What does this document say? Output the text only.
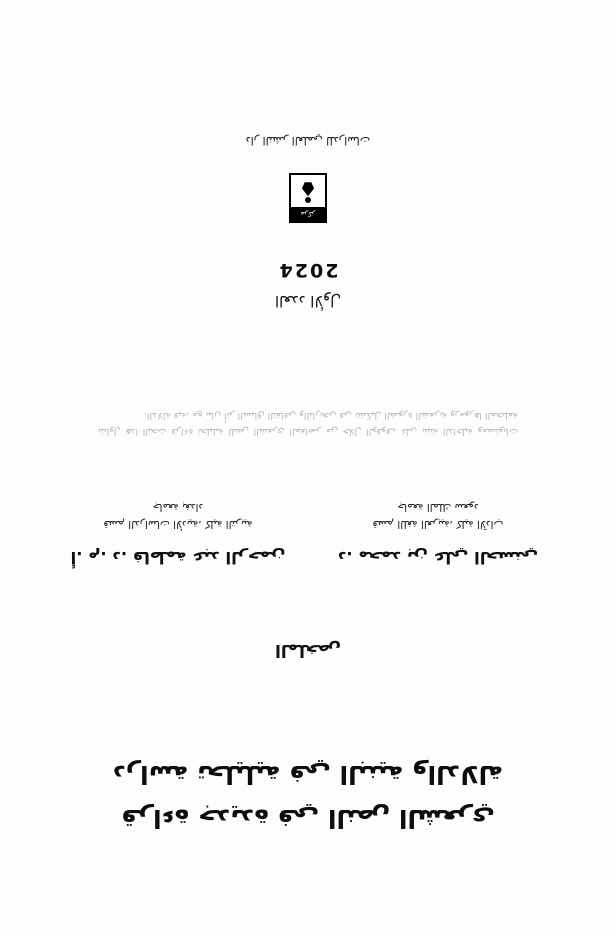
ﻗﺮﺍﺀﺓ ﺟﺪﻳﺪﺓ ﻓﻲ ﺍﻟﻨﺺ ﺍﻟﺸﻌﺮﻱ
ﺩﺭﺍﺳﺔ ﺗﺤﻠﻴﻠﻴﺔ ﻓﻲ ﺍﻟﺒﻨﻴﺔ ﻭﺍﻟﺪﻻﻟﺔ
ﺍﻟﻤﻠﺨﺺ
ﺩ. ﻣﺤﻤﺪ ﺑﻦ ﻋﻠﻲ ﺍﻟﺤﺴﻨﻲ
ﻗﺴﻢ ﺍﻟﻠﻐﺔ ﺍﻟﻌﺮﺑﻴﺔ، ﻛﻠﻴﺔ ﺍﻵﺩﺍﺏ
ﺟﺎﻣﻌﺔ ﺍﻟﻤﻠﻚ ﺳﻌﻮﺩ
ﺃ. ﻡ. ﺩ. ﻓﺎﻃﻤﺔ ﻋﺒﺪ ﺍﻟﺮﺣﻤﻦ
ﻗﺴﻢ ﺍﻟﺪﺭﺍﺳﺎﺕ ﺍﻷﺩﺑﻴﺔ، ﻛﻠﻴﺔ ﺍﻟﺘﺮﺑﻴﺔ
ﺟﺎﻣﻌﺔ ﺑﻐﺪﺍﺩ
ﻳﺘﻨﺎﻭﻝ ﻫﺬﺍ ﺍﻟﺒﺤﺚ ﻗﺮﺍﺀﺓ ﺗﺤﻠﻴﻠﻴﺔ ﻟﻠﻨﺺ ﺍﻟﺸﻌﺮﻱ ﺍﻟﻤﻌﺎﺻﺮ ﻣﻦ ﺧﻼﻝ ﺍﻟﻮﻗﻮﻑ ﻋﻠﻰ ﺑﻨﻴﺘﻪ ﺍﻟﺪﺍﺧﻠﻴﺔ ﻭﻣﺴﺘﻮﻳﺎﺕ ﺍﻟﺪﻻﻟﺔ ﻓﻴﻪ، ﻣﻊ ﺑﻴﺎﻥ ﺃﺛﺮ ﺍﻟﺴﻴﺎﻕ ﺍﻟﺜﻘﺎﻓﻲ ﻭﺍﻟﺘﺎﺭﻳﺨﻲ ﻓﻲ ﺗﺸﻜﻴﻞ ﺍﻟﺼﻮﺭﺓ ﺍﻟﺸﻌﺮﻳﺔ ﻭﺭﻣﻮﺯﻫﺎ ﺍﻟﻤﺨﺘﻠﻔﺔ.
ﺍﻟﻌﺪﺩ ﺍﻷﻭﻝ
2024
ﻣﺮﻛﺰ
ﺩﺍﺭ ﺍﻟﻨﺸﺮ ﺍﻟﻌﻠﻤﻲ ﻟﻠﺪﺭﺍﺳﺎﺕ
